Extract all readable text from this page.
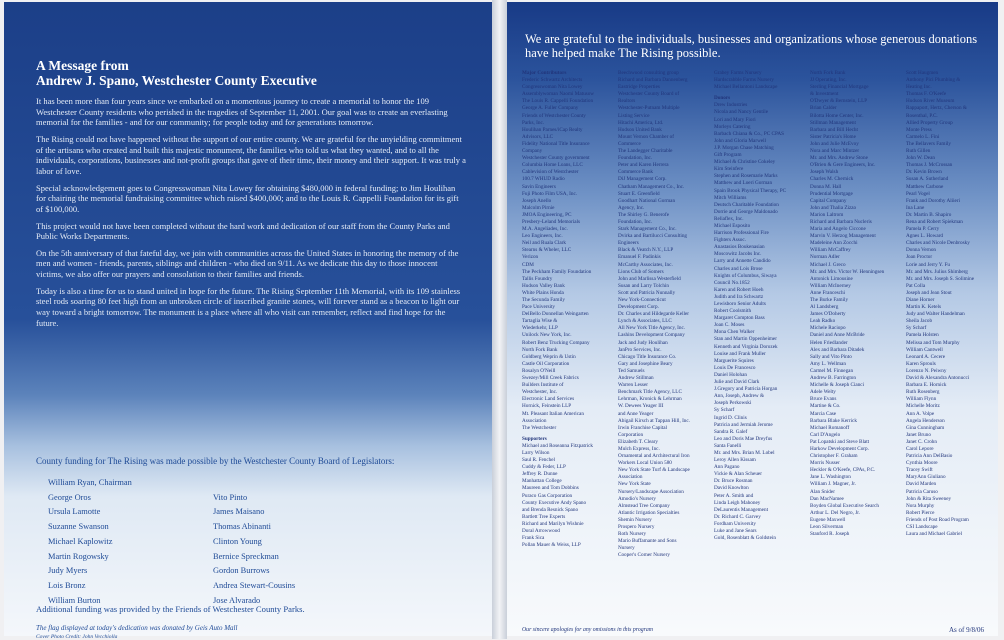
A Message from
Andrew J. Spano, Westchester County Executive

It has been more than four years since we embarked on a momentous journey to create a memorial to honor the 109 Westchester County residents who perished in the tragedies of September 11, 2001. Our goal was to create an everlasting memorial for the families - and for our community; for people today and for generations tomorrow.

The Rising could not have happened without the support of our entire county. We are grateful for the unyielding commitment of the artisans who created and built this majestic monument, the families who told us what they wanted, and to all the individuals, corporations, businesses and not-profit groups that gave of their time, their money and their support. It was truly a labor of love.

Special acknowledgement goes to Congresswoman Nita Lowey for obtaining $480,000 in federal funding; to Jim Houlihan for chairing the memorial fundraising committee which raised $400,000; and to the Louis R. Cappelli Foundation for its gift of $100,000.

This project would not have been completed without the hard work and dedication of our staff from the County Parks and Public Works Departments.

On the 5th anniversary of that fateful day, we join with communities across the United States in honoring the memory of the men and women - friends, parents, siblings and children - who died on 9/11. As we dedicate this day to those innocent victims, we also offer our prayers and consolation to their families and friends.

Today is also a time for us to stand united in hope for the future. The Rising September 11th Memorial, with its 109 stainless steel rods soaring 80 feet high from an unbroken circle of inscribed granite stones, will forever stand as a beacon to light our way toward a bright tomorrow. The monument is a place where all who visit can remember, reflect and find hope for the future.

County funding for The Rising was made possible by the Westchester County Board of Legislators:
William Ryan, Chairman
George Oros
Ursula Lamotte
Suzanne Swanson
Michael Kaplowitz
Martin Rogowsky
Judy Myers
Lois Bronz
William Burton

Vito Pinto
James Maisano
Thomas Abinanti
Clinton Young
Bernice Spreckman
Gordon Burrows
Andrea Stewart-Cousins
Jose Alvarado
Additional funding was provided by the Friends of Westchester County Parks.
The flag displayed at today's dedication was donated by Geis Auto Mall
Cover Photo Credit: John Vecchiolla
We are grateful to the individuals, businesses and organizations whose generous donations have helped make The Rising possible.
Major Contributors
Frederic Schwartz Architects
Congresswoman Nita Lowey
Assemblywoman Naomi Matusow
The Louis R. Cappelli Foundation
George A. Fuller Company
Friends of Westchester County
Parks, Inc.
Houlihan Parnes/iCap Realty
Advisors, LLC
Fidelity National Title Insurance
Company
Westchester County government
Columbia Home Loans, LLC
Cablevision of Westchester
100.7 WHUD Radio
Savin Engineers
Fuji Photo Film USA, Inc.
Joseph Anello
Malcolm Pirnie
JMOA Engineering, PC
Presbery-Leland Memorials
M.A. Angeliades, Inc.
Leo Engineers, Inc.
Neil and Ruala Clark
Stearns & Wheler, LLC
Verizon
CDM
The Peckham Family Foundation
Tallis Foundry
Hudson Valley Bank
White Plains Honda
The Secunda Family
Pace University
DelBello Donnellan Weingarten
Tartaglia Wise &
Wiederkehr, LLP
Unilock New York, Inc.
Robert Benz Trucking Company
North Fork Bank
Goldberg Weprin & Ustin
Castle Oil Corporation
Rosalyn O'Neill
Swezey/Mill Creek Fabrics
Builders Institute of
Westchester, Inc.
Electronic Land Services
Hornick, Feinstein LLP
Mt. Pleasant Italian American
Association
The Westchester
Supporters
Michael and Roseanna Fitzpatrick
Larry Wilson
Saul R. Fenchel
Cuddy & Feder, LLP
Jeffrey R. Dunne
Manhattan College
Maureen and Tom Dobbins
Puraco Gas Corporation
County Executive Andy Spano
and Brenda Resnick Spano
Bartlett Tree Experts
Richard and Marilyn Wishnie
Doral Arrowwood
Frank Sica
Pollan Mauer & Weiss, LLP
Beechwood consulting group
Richard and Barbara Dannenberg
Eastridge Properties
Westchester County Board of
Realtors
Westchester-Putnam Multiple
Listing Service
Hitachi America, Ltd.
Hudson United Bank
Mount Vernon Chamber of
Commerce
The Landegger Charitable
Foundation, Inc.
Peter and Karen Herrera
Commerce Bank
DiJ Management Corp.
Chatham Management Co., Inc.
Stuart E. Greenfield
Goodhart National Gorman
Agency, Inc.
The Shirley G. Benerofe
Foundation, Inc.
Stark Management Co., Inc.
Dvirka and Bartilucci Consulting
Engineers
Black & Veatch N.Y., LLP
Emanuel F. Padinkis
McCarthy Associates, Inc.
Lions Club of Somers
John and Marlissa Westerfield
Susan and Larry Tolchin
Scott and Patricia Nunnally
New York-Connecticut
Development Corp.
Dr. Charles and Hildegarde Keller
Lynch & Associates, LLC
All New York Title Agency, Inc.
Lashins Development Company
Jack and Judy Houlihan
JanPro Services, Inc.
Chicago Title Insurance Co.
Gary and Josephine Beary
Ted Samuels
Andrew Stillman
Warren Lesser
Benchmark Title Agency, LLC
Lehrman, Kronick & Lehrman
W. Dewees Yeager III
and Anne Yeager
Abigail Kirsch at Tappan Hill, Inc.
Irwin Franchise Capital
Corporation
Elizabeth T. Cleary
Mulch Express, Inc.
Ornamental and Architectural Iron
Workers Local Union 580
New York State Turf & Landscape
Association
New York State
Nursery/Landscape Association
Amodio's Nursery
Almstead Tree Company
Atlantic Irrigation Specialties
Shemin Nursery
Prospero Nursery
Roth Nursery
Mario Buffamante and Sons
Nursery
Cooper's Corner Nursery
Grabey Farms Nursery
Hardscrabble Farms Nursery
Michael Bellantoni Landscape
Donors
Drew Industries
Nicola and Nancy Gentile
Lori and Mary Fiori
Morleys Catering
Barbach Chiana & Co., PC CPAS
John and Gloria Marwell
J.P. Morgan Chase Matching
Gift Program
Michael & Christine Cokeley
Kim Steinfere
Stephen and Rosemarie Marks
Matthew and Loeri Gorman
Spain Brook Physical Therapy, PC
Mitch Williams
Deutsch Charitable Foundation
Dorrie and George Maldonado
Reliaflex, Inc.
Michael Esposito
Harrison Professional Fire
Fighters Assoc.
Anastasios Boukenasian
Moscowitz Jacobs Inc.
Larry and Annette Candido
Charles and Lois Brose
Knights of Columbus, Siwaya
Council No.1852
Karen and Robert Hoeh
Judith and Ira Schwartz
Lewisboro Senior Adults
Robert Coolsmith
Margaret Compton Bass
Joan C. Moses
Mona Chen Walker
Stan and Martin Oppenheimer
Kenneth and Virginia Dorozek
Louise and Frank Muller
Marguerite Squires
Louis De Francesco
Daniel Holohan
Julie and David Clark
J.Gregory and Patricia Horgan
Ann, Joseph, Andrew &
Joseph Perkowski
Sy Scharf
Ingrid D. Clinis
Patricia and Jermiah Jerome
Sandra R. Galef
Leo and Doris Mae Dreyfus
Santa Fanelli
Mr. and Mrs. Brian M. Lobel
Leroy Allen Kissam
Ann Pagano
Vickie & Alan Scheuer
Dr. Bruce Rosman
David Knowlton
Peter A. Smith and
Linda Leigh Mahoney
DeLaurentis Management
Dr. Richard C. Garvey
Fordham University
Luke and Jane Sears
Gold, Rosenblatt & Goldstein
North Fork Bank
JJ Operating, Inc.
Sterling Financial Mortgage
& Investment
O'Dwyer & Bernstein, LLP
Brian Calder
Bilotta Home Center, Inc.
Stillman Management
Barbara and Bill Hecht
Sister Patricia's Home
John and Julie McEvoy
Nora and Marc Mintzer
Mr. and Mrs. Andrew Stone
O'Brien & Gere Engineers, Inc.
Joseph Walsh
Charles M. Chernick
Donna M. Hall
Prudential Mortgage
Capital Company
John and Thalia Zizzo
Marion Laltrom
Richard and Barbara Nucleris
Maria and Angelo Ciccone
Marvin V. Herzog Management
Madeleine Ann Zocchi
William McCaffrey
Norman Adler
Michael J. Greco
Mr. and Mrs. Victor W. Henningsen
Antonick Limousine
William McInerney
Anne Franceschi
The Burke Family
Al Landsberg
James O'Doherty
Leah Radko
Michele Raciopo
Daniel and Anne McBride
Helen Friedlander
Alex and Barbara Ditadek
Sally and Vito Pinto
Amy L. Wellman
Carmel M. Finnegan
Andrew B. Farrington
Michelle & Joseph Cianci
Adele Welty
Bruce Evans
Martine & Co.
Marcia Case
Barbara Blake Kerrick
Michael Romanoff
Carl D'Angelo
Pat Lopatski and Steve Blatt
Harkow Development Corp.
Christopher F. Graham
Morris Nusser
Heckler & O'Keefe, CPAs, P.C.
Jane L. Washington
William J. Magner, Jr.
Alan Snider
Dan MacNamee
Boyden Global Executive Search
Arthur L. Del Negro, Jr.
Eugene Maxwell
Leon Silverman
Stanford R. Joseph
Scott Haugmen
Anthony Pici Plumbing &
Heating Inc.
Thomas F. O'Keefe
Hudson River Museum
Rappaport, Hertz, Cherson &
Rosenthal, P.C.
Allied Property Group
Monte Press
Carmelo L. Fini
The Bellavers Family
Ruth Gillen
John W. Dean
Thomas J. McCrossan
Dr. Kevin Brown
Susan A. Sutherland
Matthew Carbone
Pearl Vogel
Frank and Dorothy Aliieri
Ina Lane
Dr. Martin B. Shapiro
Rena and Robert Spiekman
Pamela P. Cerry
Agnes L. Howard
Charles and Nicole Denbrosky
Donna Vernon
Joan Proctor
Lorie and Jerry Y. Fu
Mr. and Mrs. Julius Shimberg
Mr. and Mrs. Joseph S. Solimine
Pat Colla
Joseph and Jean Stout
Diane Horner
Martin K. Ketels
Judy and Walter Handelman
Sheila Jacob
Sy Scharf
Pamela Holsten
Melissa and Tom Murphy
William Cantwell
Leonard A. Cecere
Karen Sprouls
Lorenzo N. Peiwny
David & Alexandra Antonucci
Barbara E. Hornick
Ruth Rosenberg
William Flynn
Michelle Moritz
Ann A. Volpe
Angela Henderson
Gina Cunningham
Janet Bruno
Janet C. Crohn
Carol Lepore
Patricia Ann DelBasio
Cynthia Moore
Tracey Swift
MaryAnn Giuliano
David Marden
Patricia Caruso
John & Rita Sweeney
Nora Murphy
Robert Pierce
Friends of Post Road Program
CSI Landscape
Laura and Michael Gabriel
Our sincere apologies for any omissions in this program	As of 9/8/06
